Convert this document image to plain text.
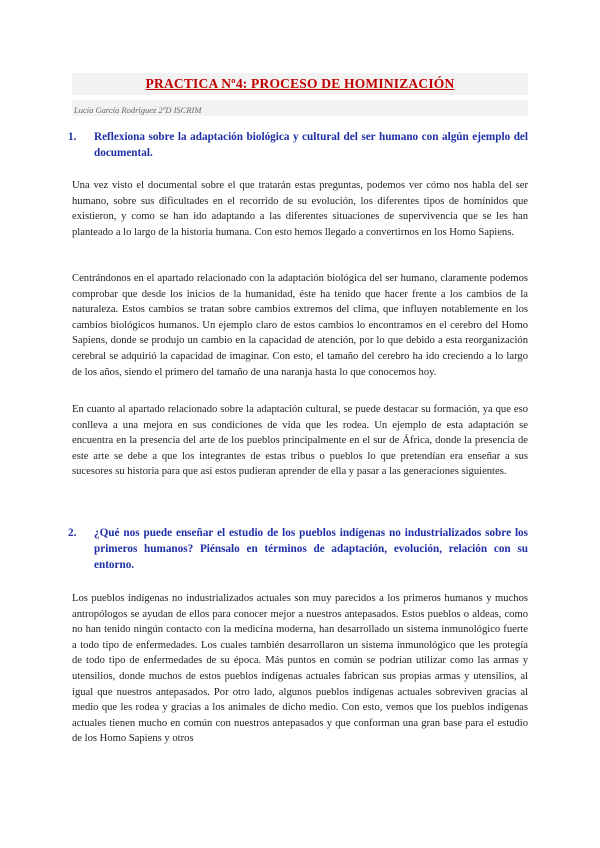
PRACTICA Nº4: PROCESO DE HOMINIZACIÓN
Lucía García Rodríguez 2ºD ISCRIM
1. Reflexiona sobre la adaptación biológica y cultural del ser humano con algún ejemplo del documental.
Una vez visto el documental sobre el que tratarán estas preguntas, podemos ver cómo nos habla del ser humano, sobre sus dificultades en el recorrido de su evolución, los diferentes tipos de homínidos que existieron, y como se han ido adaptando a las diferentes situaciones de supervivencia que se les han planteado a lo largo de la historia humana. Con esto hemos llegado a convertirnos en los Homo Sapiens.
Centrándonos en el apartado relacionado con la adaptación biológica del ser humano, claramente podemos comprobar que desde los inicios de la humanidad, éste ha tenido que hacer frente a los cambios de la naturaleza. Estos cambios se tratan sobre cambios extremos del clima, que influyen notablemente en los cambios biológicos humanos. Un ejemplo claro de estos cambios lo encontramos en el cerebro del Homo Sapiens, donde se produjo un cambio en la capacidad de atención, por lo que debido a esta reorganización cerebral se adquirió la capacidad de imaginar. Con esto, el tamaño del cerebro ha ido creciendo a lo largo de los años, siendo el primero del tamaño de una naranja hasta lo que conocemos hoy.
En cuanto al apartado relacionado sobre la adaptación cultural, se puede destacar su formación, ya que eso conlleva a una mejora en sus condiciones de vida que les rodea. Un ejemplo de esta adaptación se encuentra en la presencia del arte de los pueblos principalmente en el sur de África, donde la presencia de este arte se debe a que los integrantes de estas tribus o pueblos lo que pretendían era enseñar a sus sucesores su historia para que así estos pudieran aprender de ella y pasar a las generaciones siguientes.
2. ¿Qué nos puede enseñar el estudio de los pueblos indígenas no industrializados sobre los primeros humanos? Piénsalo en términos de adaptación, evolución, relación con su entorno.
Los pueblos indígenas no industrializados actuales son muy parecidos a los primeros humanos y muchos antropólogos se ayudan de ellos para conocer mejor a nuestros antepasados. Estos pueblos o aldeas, como no han tenido ningún contacto con la medicina moderna, han desarrollado un sistema inmunológico fuerte a todo tipo de enfermedades. Los cuales también desarrollaron un sistema inmunológico que les protegía de todo tipo de enfermedades de su época. Más puntos en común se podrían utilizar como las armas y utensilios, donde muchos de estos pueblos indígenas actuales fabrican sus propias armas y utensilios, al igual que nuestros antepasados. Por otro lado, algunos pueblos indígenas actuales sobreviven gracias al medio que les rodea y gracias a los animales de dicho medio. Con esto, vemos que los pueblos indígenas actuales tienen mucho en común con nuestros antepasados y que conforman una gran base para el estudio de los Homo Sapiens y otros
